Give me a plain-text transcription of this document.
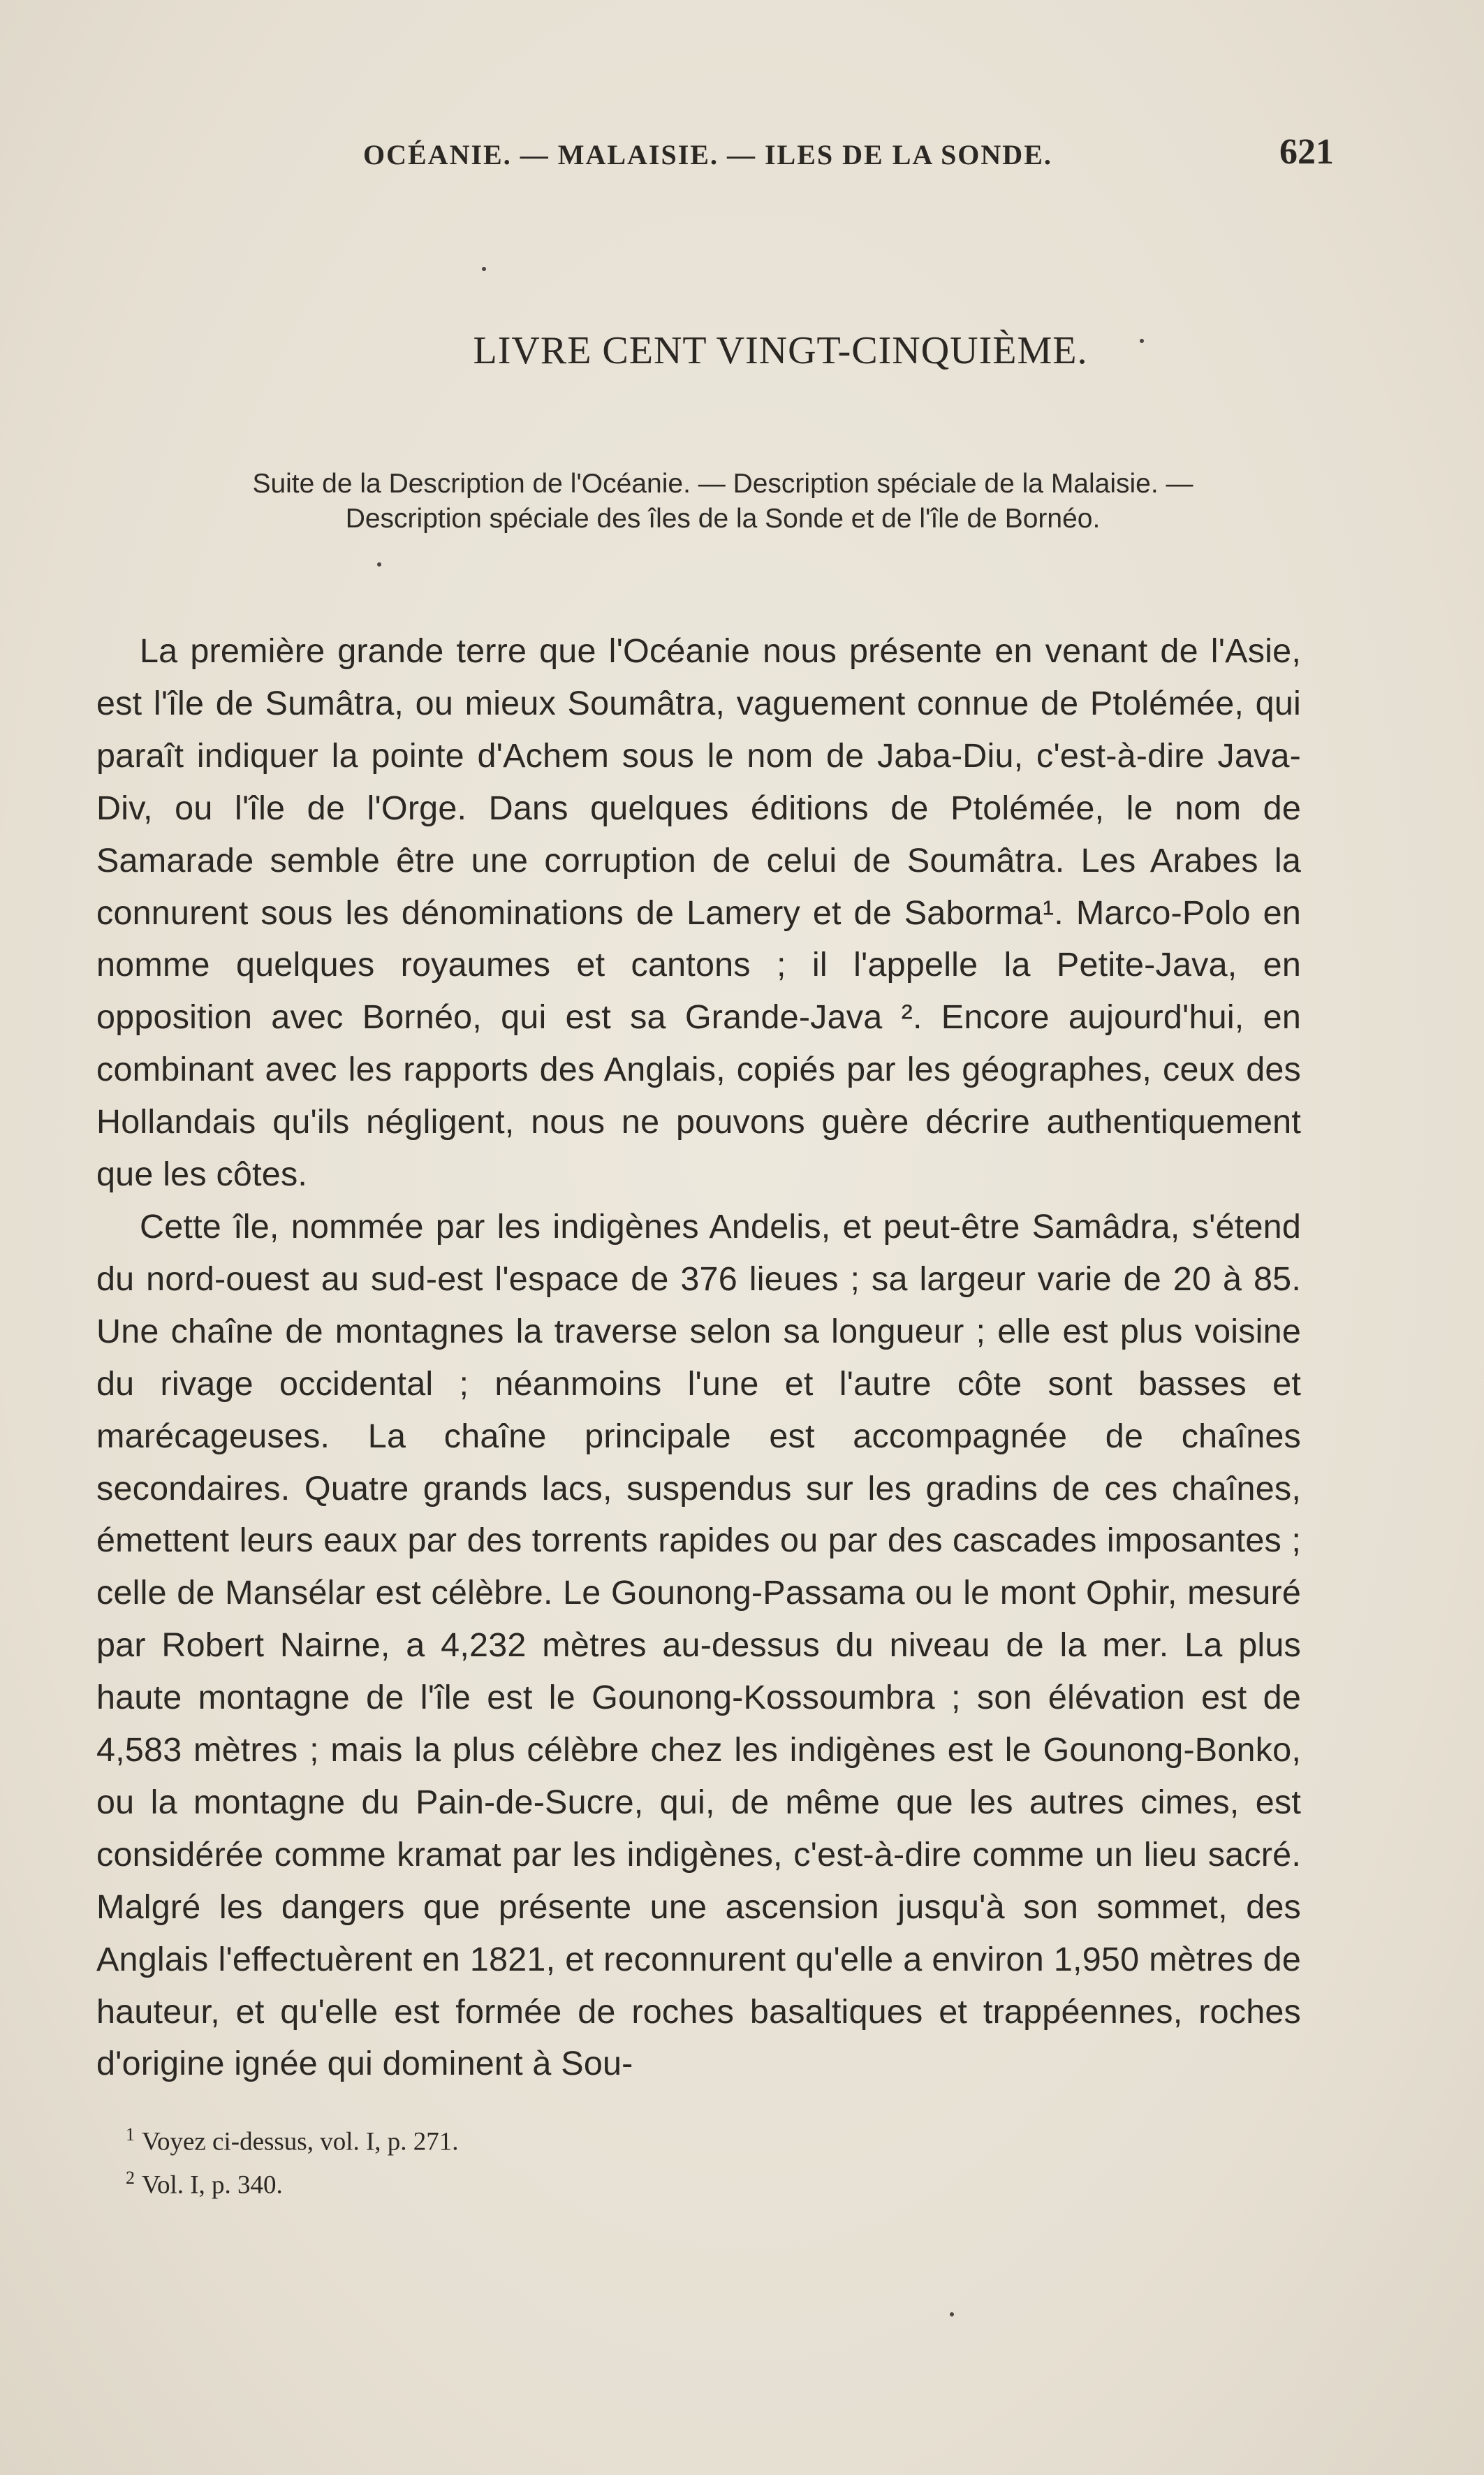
OCÉANIE. — MALAISIE. — ILES DE LA SONDE.	621
LIVRE CENT VINGT-CINQUIÈME.
Suite de la Description de l'Océanie. — Description spéciale de la Malaisie. —
Description spéciale des îles de la Sonde et de l'île de Bornéo.

La première grande terre que l'Océanie nous présente en venant de l'Asie, est l'île de Sumâtra, ou mieux Soumâtra, vaguement connue de Ptolémée, qui paraît indiquer la pointe d'Achem sous le nom de Jaba-Diu, c'est-à-dire Java-Div, ou l'île de l'Orge. Dans quelques éditions de Ptolémée, le nom de Samarade semble être une corruption de celui de Soumâtra. Les Arabes la connurent sous les dénominations de Lamery et de Saborma¹. Marco-Polo en nomme quelques royaumes et cantons ; il l'appelle la Petite-Java, en opposition avec Bornéo, qui est sa Grande-Java ². Encore aujourd'hui, en combinant avec les rapports des Anglais, copiés par les géographes, ceux des Hollandais qu'ils négligent, nous ne pouvons guère décrire authentiquement que les côtes.

Cette île, nommée par les indigènes Andelis, et peut-être Samâdra, s'étend du nord-ouest au sud-est l'espace de 376 lieues ; sa largeur varie de 20 à 85. Une chaîne de montagnes la traverse selon sa longueur ; elle est plus voisine du rivage occidental ; néanmoins l'une et l'autre côte sont basses et marécageuses. La chaîne principale est accompagnée de chaînes secondaires. Quatre grands lacs, suspendus sur les gradins de ces chaînes, émettent leurs eaux par des torrents rapides ou par des cascades imposantes ; celle de Mansélar est célèbre. Le Gounong-Passama ou le mont Ophir, mesuré par Robert Nairne, a 4,232 mètres au-dessus du niveau de la mer. La plus haute montagne de l'île est le Gounong-Kossoumbra ; son élévation est de 4,583 mètres ; mais la plus célèbre chez les indigènes est le Gounong-Bonko, ou la montagne du Pain-de-Sucre, qui, de même que les autres cimes, est considérée comme kramat par les indigènes, c'est-à-dire comme un lieu sacré. Malgré les dangers que présente une ascension jusqu'à son sommet, des Anglais l'effectuèrent en 1821, et reconnurent qu'elle a environ 1,950 mètres de hauteur, et qu'elle est formée de roches basaltiques et trappéennes, roches d'origine ignée qui dominent à Sou-

$^1$ Voyez ci-dessus, vol. I, p. 271.
$^2$ Vol. I, p. 340.
